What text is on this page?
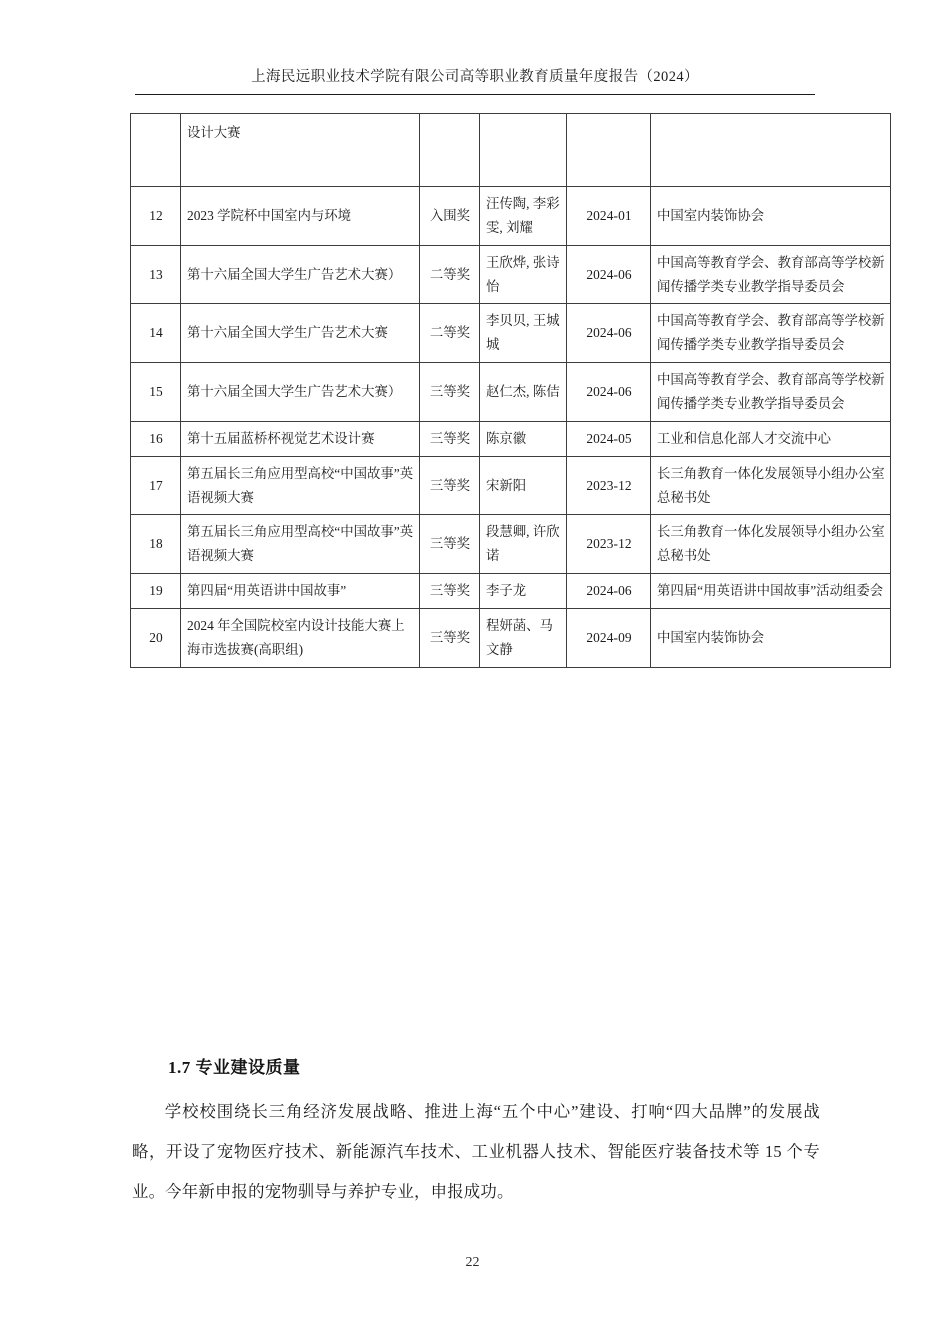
上海民远职业技术学院有限公司高等职业教育质量年度报告（2024）
	设计大赛				
12	2023 学院杯中国室内与环境	入围奖	汪传陶, 李彩雯, 刘耀	2024-01	中国室内装饰协会
13	第十六届全国大学生广告艺术大赛）	二等奖	王欣烨, 张诗怡	2024-06	中国高等教育学会、教育部高等学校新闻传播学类专业教学指导委员会
14	第十六届全国大学生广告艺术大赛	二等奖	李贝贝, 王城城	2024-06	中国高等教育学会、教育部高等学校新闻传播学类专业教学指导委员会
15	第十六届全国大学生广告艺术大赛）	三等奖	赵仁杰, 陈佶	2024-06	中国高等教育学会、教育部高等学校新闻传播学类专业教学指导委员会
16	第十五届蓝桥杯视觉艺术设计赛	三等奖	陈京徽	2024-05	工业和信息化部人才交流中心
17	第五届长三角应用型高校“中国故事”英语视频大赛	三等奖	宋新阳	2023-12	长三角教育一体化发展领导小组办公室总秘书处
18	第五届长三角应用型高校“中国故事”英语视频大赛	三等奖	段慧卿, 许欣诺	2023-12	长三角教育一体化发展领导小组办公室总秘书处
19	第四届“用英语讲中国故事”	三等奖	李子龙	2024-06	第四届“用英语讲中国故事”活动组委会
20	2024 年全国院校室内设计技能大赛上海市选拔赛(高职组)	三等奖	程妍菡、马文静	2024-09	中国室内装饰协会
1.7 专业建设质量
学校校围绕长三角经济发展战略、推进上海“五个中心”建设、打响“四大品牌”的发展战略，开设了宠物医疗技术、新能源汽车技术、工业机器人技术、智能医疗装备技术等 15 个专业。今年新申报的宠物驯导与养护专业，申报成功。
22
